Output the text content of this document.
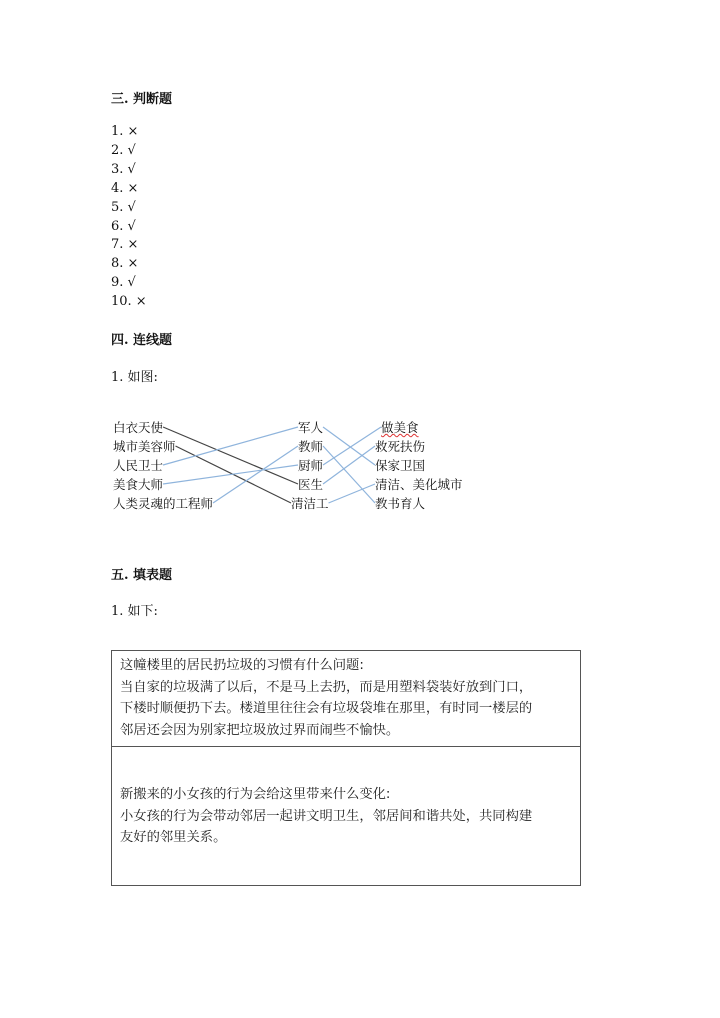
三. 判断题
1. ×
2. √
3. √
4. ×
5. √
6. √
7. ×
8. ×
9. √
10. ×
四. 连线题
1. 如图:
白衣天使
城市美容师
人民卫士
美食大师
人类灵魂的工程师
军人
教师
厨师
医生
清洁工
做美食
救死扶伤
保家卫国
清洁、美化城市
教书育人
五. 填表题
1. 如下:

这幢楼里的居民扔垃圾的习惯有什么问题:

当自家的垃圾满了以后，不是马上去扔，而是用塑料袋装好放到门口，

下楼时顺便扔下去。楼道里往往会有垃圾袋堆在那里，有时同一楼层的

邻居还会因为别家把垃圾放过界而闹些不愉快。

新搬来的小女孩的行为会给这里带来什么变化:

小女孩的行为会带动邻居一起讲文明卫生，邻居间和谐共处，共同构建

友好的邻里关系。
